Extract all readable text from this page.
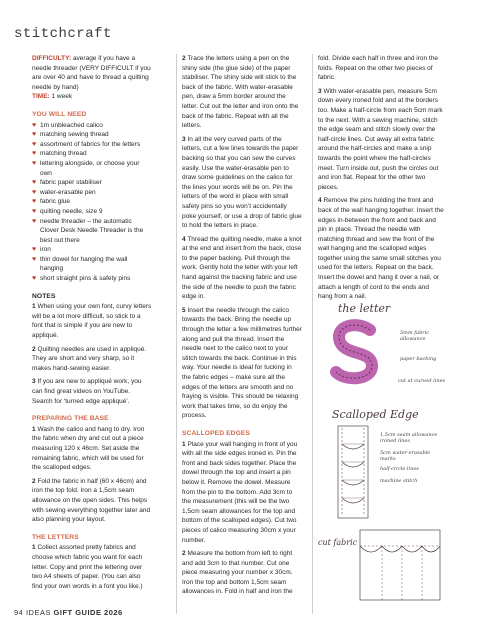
stitchcraft

DIFFICULTY: average if you have a needle threader (VERY DIFFICULT if you are over 40 and have to thread a quilting needle by hand)
TIME: 1 week

YOU WILL NEED
♥ 1m unbleached calico
♥ matching sewing thread
♥ assortment of fabrics for the letters
♥ matching thread
♥ lettering alongside, or choose your own
♥ fabric paper stabiliser
♥ water-erasable pen
♥ fabric glue
♥ quilting needle, size 9
♥ needle threader – the automatic Clover Desk Needle Threader is the best out there
♥ iron
♥ thin dowel for hanging the wall hanging
♥ short straight pins & safety pins
NOTES

1 When using your own font, curvy letters will be a lot more difficult, so stick to a font that is simple if you are new to appliqué.

2 Quilting needles are used in appliqué. They are short and very sharp, so it makes hand-sewing easier.

3 If you are new to appliqué work, you can find great videos on YouTube. Search for ‘turned edge appliqué’.

PREPARING THE BASE

1 Wash the calico and hang to dry. Iron the fabric when dry and cut out a piece measuring 120 x 46cm. Set aside the remaining fabric, which will be used for the scalloped edges.

2 Fold the fabric in half (60 x 46cm) and iron the top fold. Iron a 1,5cm seam allowance on the open sides. This helps with sewing everything together later and also planning your layout.

THE LETTERS

1 Collect assorted pretty fabrics and choose which fabric you want for each letter. Copy and print the lettering over two A4 sheets of paper. (You can also find your own words in a font you like.)

2 Trace the letters using a pen on the shiny side (the glue side) of the paper stabiliser. The shiny side will stick to the back of the fabric. With water-erasable pen, draw a 5mm border around the letter. Cut out the letter and iron onto the back of the fabric. Repeat with all the letters.

3 In all the very curved parts of the letters, cut a few lines towards the paper backing so that you can sew the curves easily. Use the water-erasable pen to draw some guidelines on the calico for the lines your words will be on. Pin the letters of the word in place with small safety pins so you won’t accidentally poke yourself, or use a drop of fabric glue to hold the letters in place.

4 Thread the quilting needle, make a knot at the end and insert from the back, close to the paper backing. Pull through the work. Gently hold the letter with your left hand against the backing fabric and use the side of the needle to push the fabric edge in.

5 Insert the needle through the calico towards the back. Bring the needle up through the letter a few millimetres further along and pull the thread. Insert the needle next to the calico next to your stitch towards the back. Continue in this way. Your needle is ideal for tucking in the fabric edges – make sure all the edges of the letters are smooth and no fraying is visible. This should be relaxing work that takes time, so do enjoy the process.

SCALLOPED EDGES

1 Place your wall hanging in front of you with all the side edges ironed in. Pin the front and back sides together. Place the dowel through the top and insert a pin below it. Remove the dowel. Measure from the pin to the bottom. Add 3cm to the measurement (this will be the two 1,5cm seam allowances for the top and bottom of the scalloped edges). Cut two pieces of calico measuring 30cm x your number.

2 Measure the bottom from left to right and add 3cm to that number. Cut one piece measuring your number x 30cm. Iron the top and bottom 1,5cm seam allowances in. Fold in half and iron the

fold. Divide each half in three and iron the folds. Repeat on the other two pieces of fabric.

3 With water-erasable pen, measure 5cm down every ironed fold and at the borders too. Make a half-circle from each 5cm mark to the next. With a sewing machine, stitch the edge seam and stitch slowly over the half-circle lines. Cut away all extra fabric around the half-circles and make a snip towards the point where the half-circles meet. Turn inside out, push the circles out and iron flat. Repeat for the other two pieces.

4 Remove the pins holding the front and back of the wall hanging together. Insert the edges in-between the front and back and pin in place. Thread the needle with matching thread and sew the front of the wall hanging and the scalloped edges together using the same small stitches you used for the letters. Repeat on the back. Insert the dowel and hang it over a nail, or attach a length of cord to the ends and hang from a nail.

the letter
5mm fabric allowance
paper backing
cut at curved lines
Scalloped Edge
1,5cm seam allowance ironed lines
5cm water-erasable marks
half-circle lines
machine stitch
cut fabric
94 IDEAS GIFT GUIDE 2026
